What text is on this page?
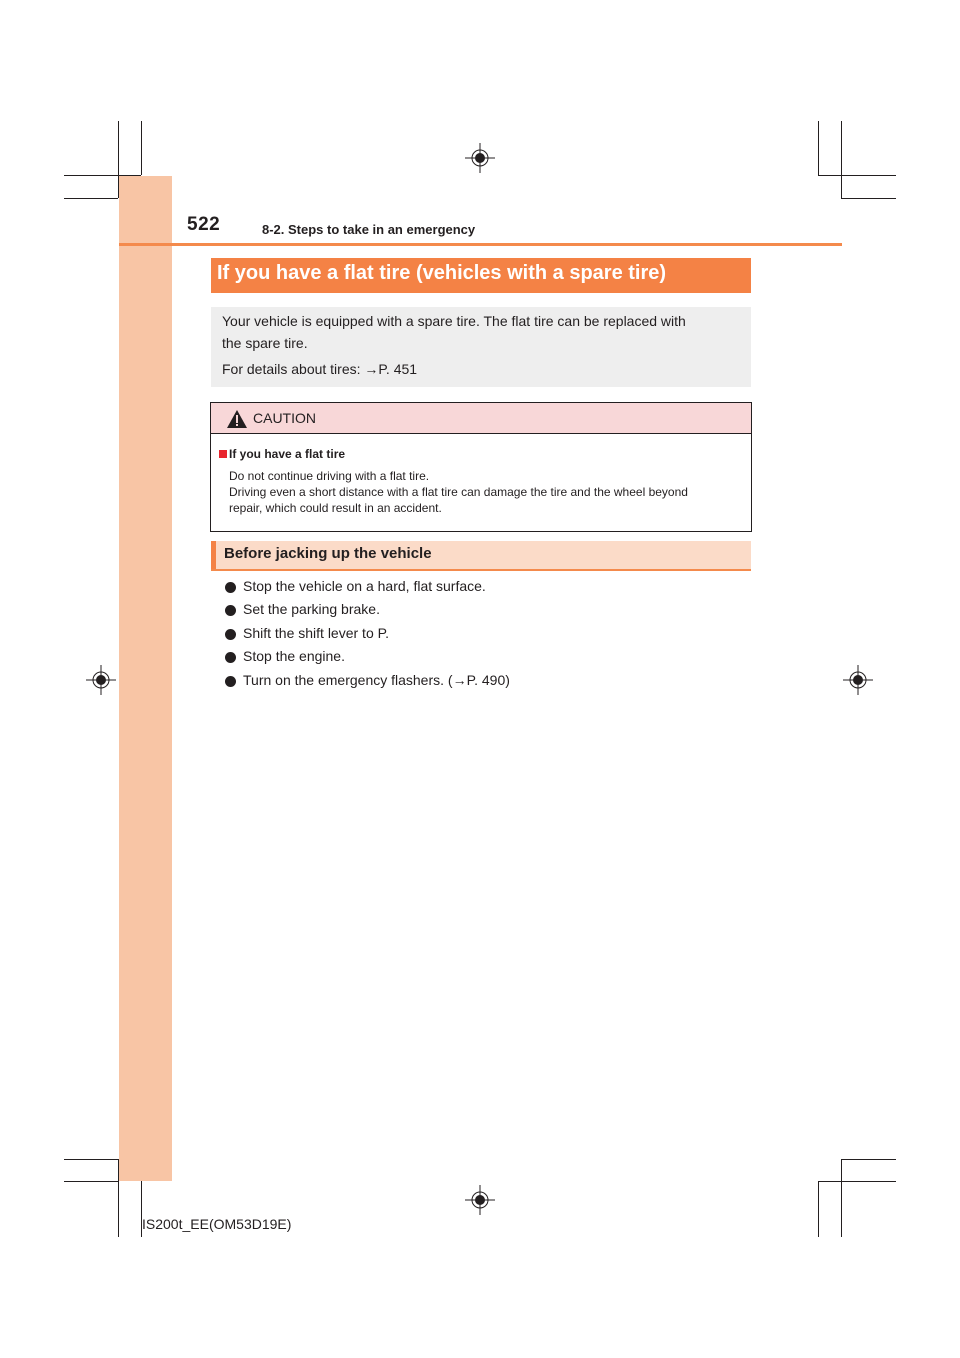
522	8-2. Steps to take in an emergency
If you have a flat tire (vehicles with a spare tire)
Your vehicle is equipped with a spare tire. The flat tire can be replaced with
the spare tire.
For details about tires: →P. 451
CAUTION
If you have a flat tire
Do not continue driving with a flat tire.
Driving even a short distance with a flat tire can damage the tire and the wheel beyond
repair, which could result in an accident.
Before jacking up the vehicle
Stop the vehicle on a hard, flat surface.
Set the parking brake.
Shift the shift lever to P.
Stop the engine.
Turn on the emergency flashers. (→P. 490)
IS200t_EE(OM53D19E)
